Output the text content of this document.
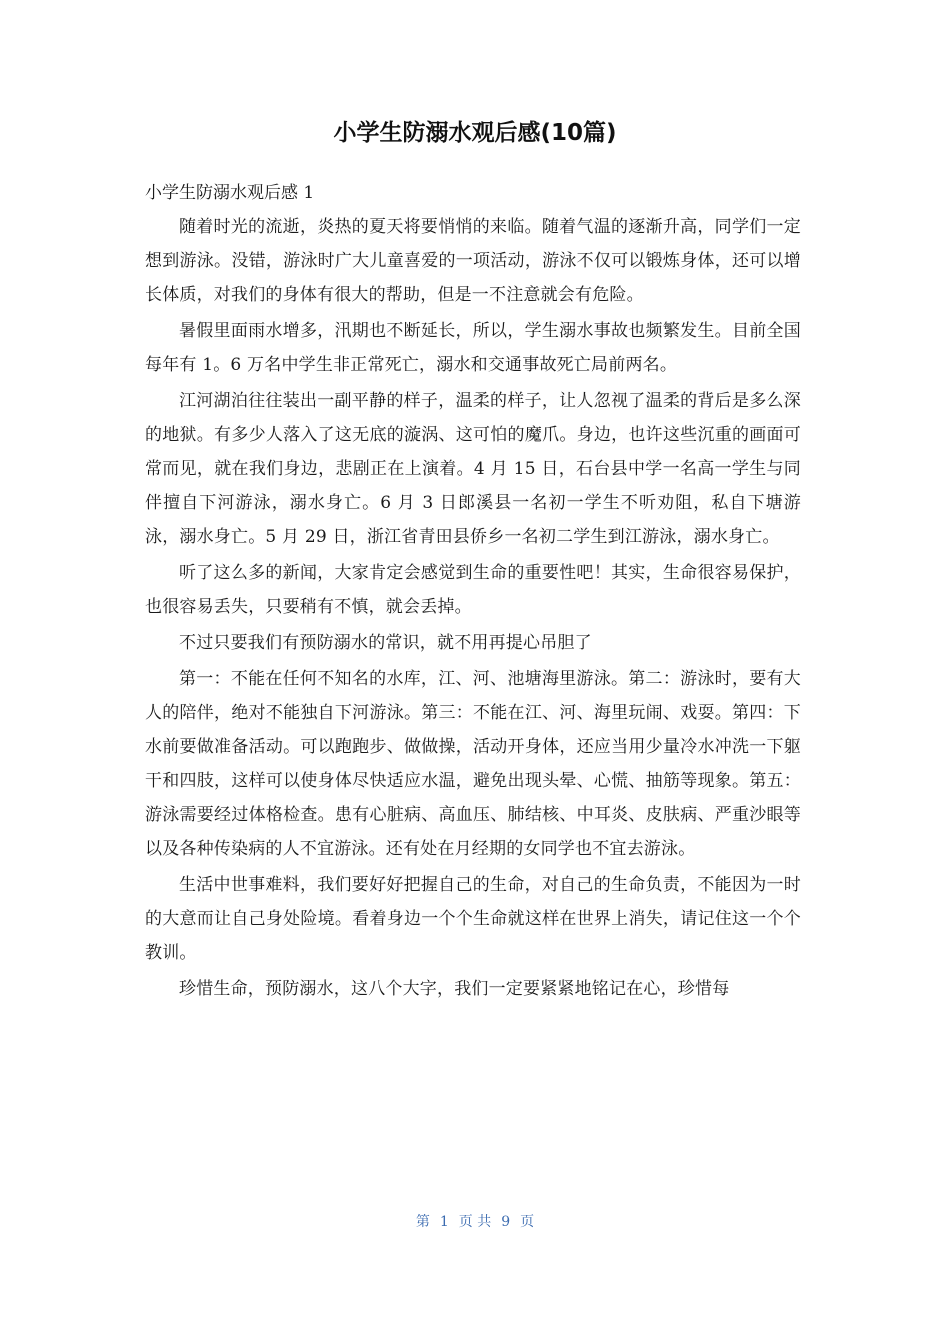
小学生防溺水观后感(10篇)
小学生防溺水观后感 1

随着时光的流逝，炎热的夏天将要悄悄的来临。随着气温的逐渐升高，同学们一定想到游泳。没错，游泳时广大儿童喜爱的一项活动，游泳不仅可以锻炼身体，还可以增长体质，对我们的身体有很大的帮助，但是一不注意就会有危险。

暑假里面雨水增多，汛期也不断延长，所以，学生溺水事故也频繁发生。目前全国每年有 1。6 万名中学生非正常死亡，溺水和交通事故死亡局前两名。

江河湖泊往往装出一副平静的样子，温柔的样子，让人忽视了温柔的背后是多么深的地狱。有多少人落入了这无底的漩涡、这可怕的魔爪。身边，也许这些沉重的画面可常而见，就在我们身边，悲剧正在上演着。4 月 15 日，石台县中学一名高一学生与同伴擅自下河游泳，溺水身亡。6 月 3 日郎溪县一名初一学生不听劝阻，私自下塘游泳，溺水身亡。5 月 29 日，浙江省青田县侨乡一名初二学生到江游泳，溺水身亡。

听了这么多的新闻，大家肯定会感觉到生命的重要性吧！其实，生命很容易保护，也很容易丢失，只要稍有不慎，就会丢掉。

不过只要我们有预防溺水的常识，就不用再提心吊胆了

第一：不能在任何不知名的水库，江、河、池塘海里游泳。第二：游泳时，要有大人的陪伴，绝对不能独自下河游泳。第三：不能在江、河、海里玩闹、戏耍。第四：下水前要做准备活动。可以跑跑步、做做操，活动开身体，还应当用少量冷水冲洗一下躯干和四肢，这样可以使身体尽快适应水温，避免出现头晕、心慌、抽筋等现象。第五：游泳需要经过体格检查。患有心脏病、高血压、肺结核、中耳炎、皮肤病、严重沙眼等以及各种传染病的人不宜游泳。还有处在月经期的女同学也不宜去游泳。

生活中世事难料，我们要好好把握自己的生命，对自己的生命负责，不能因为一时的大意而让自己身处险境。看着身边一个个生命就这样在世界上消失，请记住这一个个教训。

珍惜生命，预防溺水，这八个大字，我们一定要紧紧地铭记在心，珍惜每

第 1 页 共 9 页
